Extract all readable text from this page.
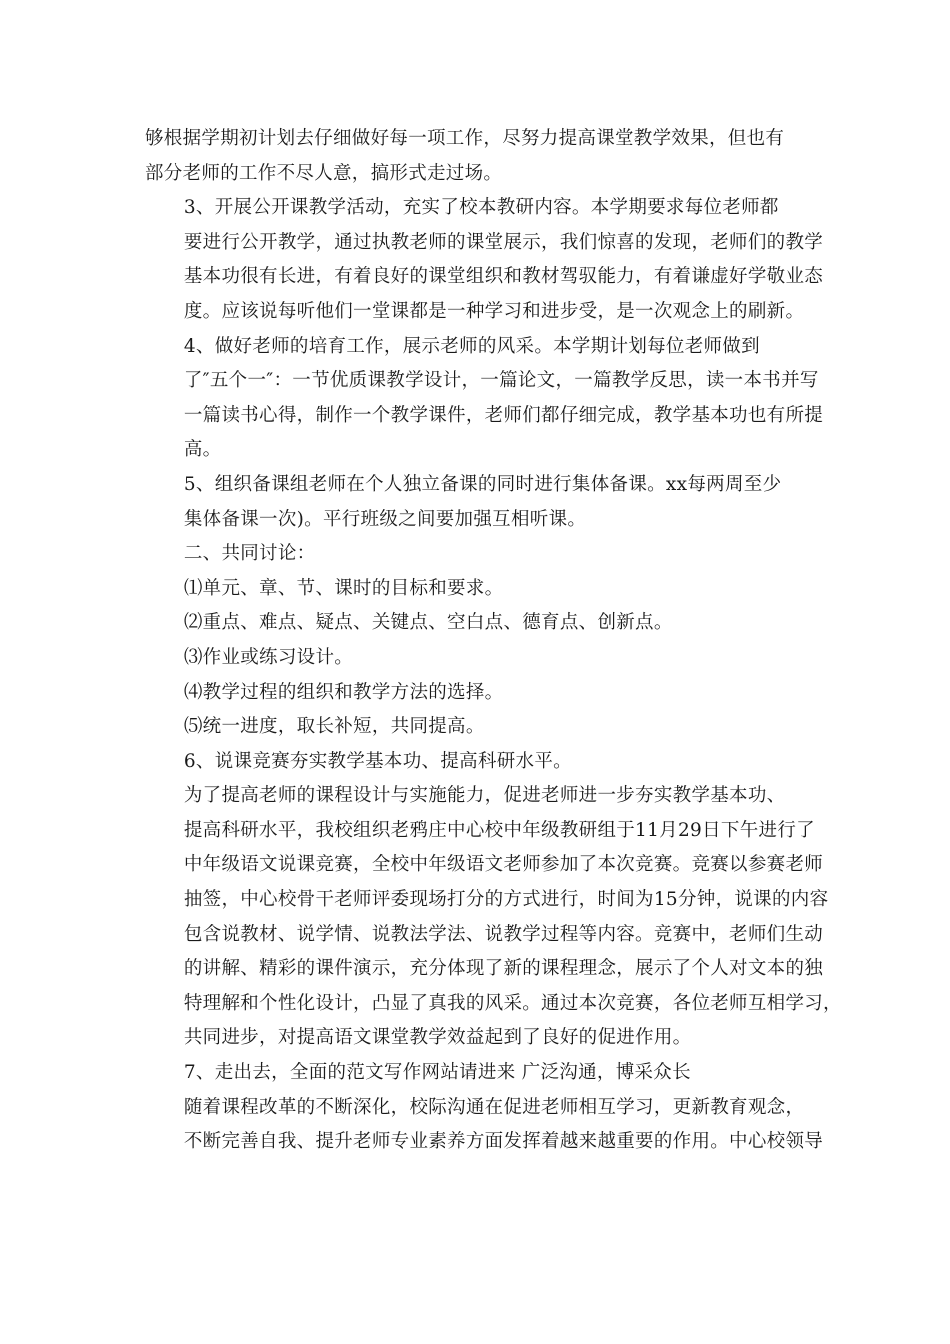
够根据学期初计划去仔细做好每一项工作，尽努力提高课堂教学效果，但也有
部分老师的工作不尽人意，搞形式走过场。
3、开展公开课教学活动，充实了校本教研内容。本学期要求每位老师都
要进行公开教学，通过执教老师的课堂展示，我们惊喜的发现，老师们的教学
基本功很有长进，有着良好的课堂组织和教材驾驭能力，有着谦虚好学敬业态
度。应该说每听他们一堂课都是一种学习和进步受，是一次观念上的刷新。
4、做好老师的培育工作，展示老师的风采。本学期计划每位老师做到
了″五个一″：一节优质课教学设计，一篇论文，一篇教学反思，读一本书并写
一篇读书心得，制作一个教学课件，老师们都仔细完成，教学基本功也有所提
高。
5、组织备课组老师在个人独立备课的同时进行集体备课。xx每两周至少
集体备课一次)。平行班级之间要加强互相听课。
二、共同讨论：
⑴单元、章、节、课时的目标和要求。
⑵重点、难点、疑点、关键点、空白点、德育点、创新点。
⑶作业或练习设计。
⑷教学过程的组织和教学方法的选择。
⑸统一进度，取长补短，共同提高。
6、说课竞赛夯实教学基本功、提高科研水平。
为了提高老师的课程设计与实施能力，促进老师进一步夯实教学基本功、
提高科研水平，我校组织老鸦庄中心校中年级教研组于11月29日下午进行了
中年级语文说课竞赛，全校中年级语文老师参加了本次竞赛。竞赛以参赛老师
抽签，中心校骨干老师评委现场打分的方式进行，时间为15分钟，说课的内容
包含说教材、说学情、说教法学法、说教学过程等内容。竞赛中，老师们生动
的讲解、精彩的课件演示，充分体现了新的课程理念，展示了个人对文本的独
特理解和个性化设计，凸显了真我的风采。通过本次竞赛，各位老师互相学习，
共同进步，对提高语文课堂教学效益起到了良好的促进作用。
7、走出去，全面的范文写作网站请进来 广泛沟通，博采众长
随着课程改革的不断深化，校际沟通在促进老师相互学习，更新教育观念，
不断完善自我、提升老师专业素养方面发挥着越来越重要的作用。中心校领导
